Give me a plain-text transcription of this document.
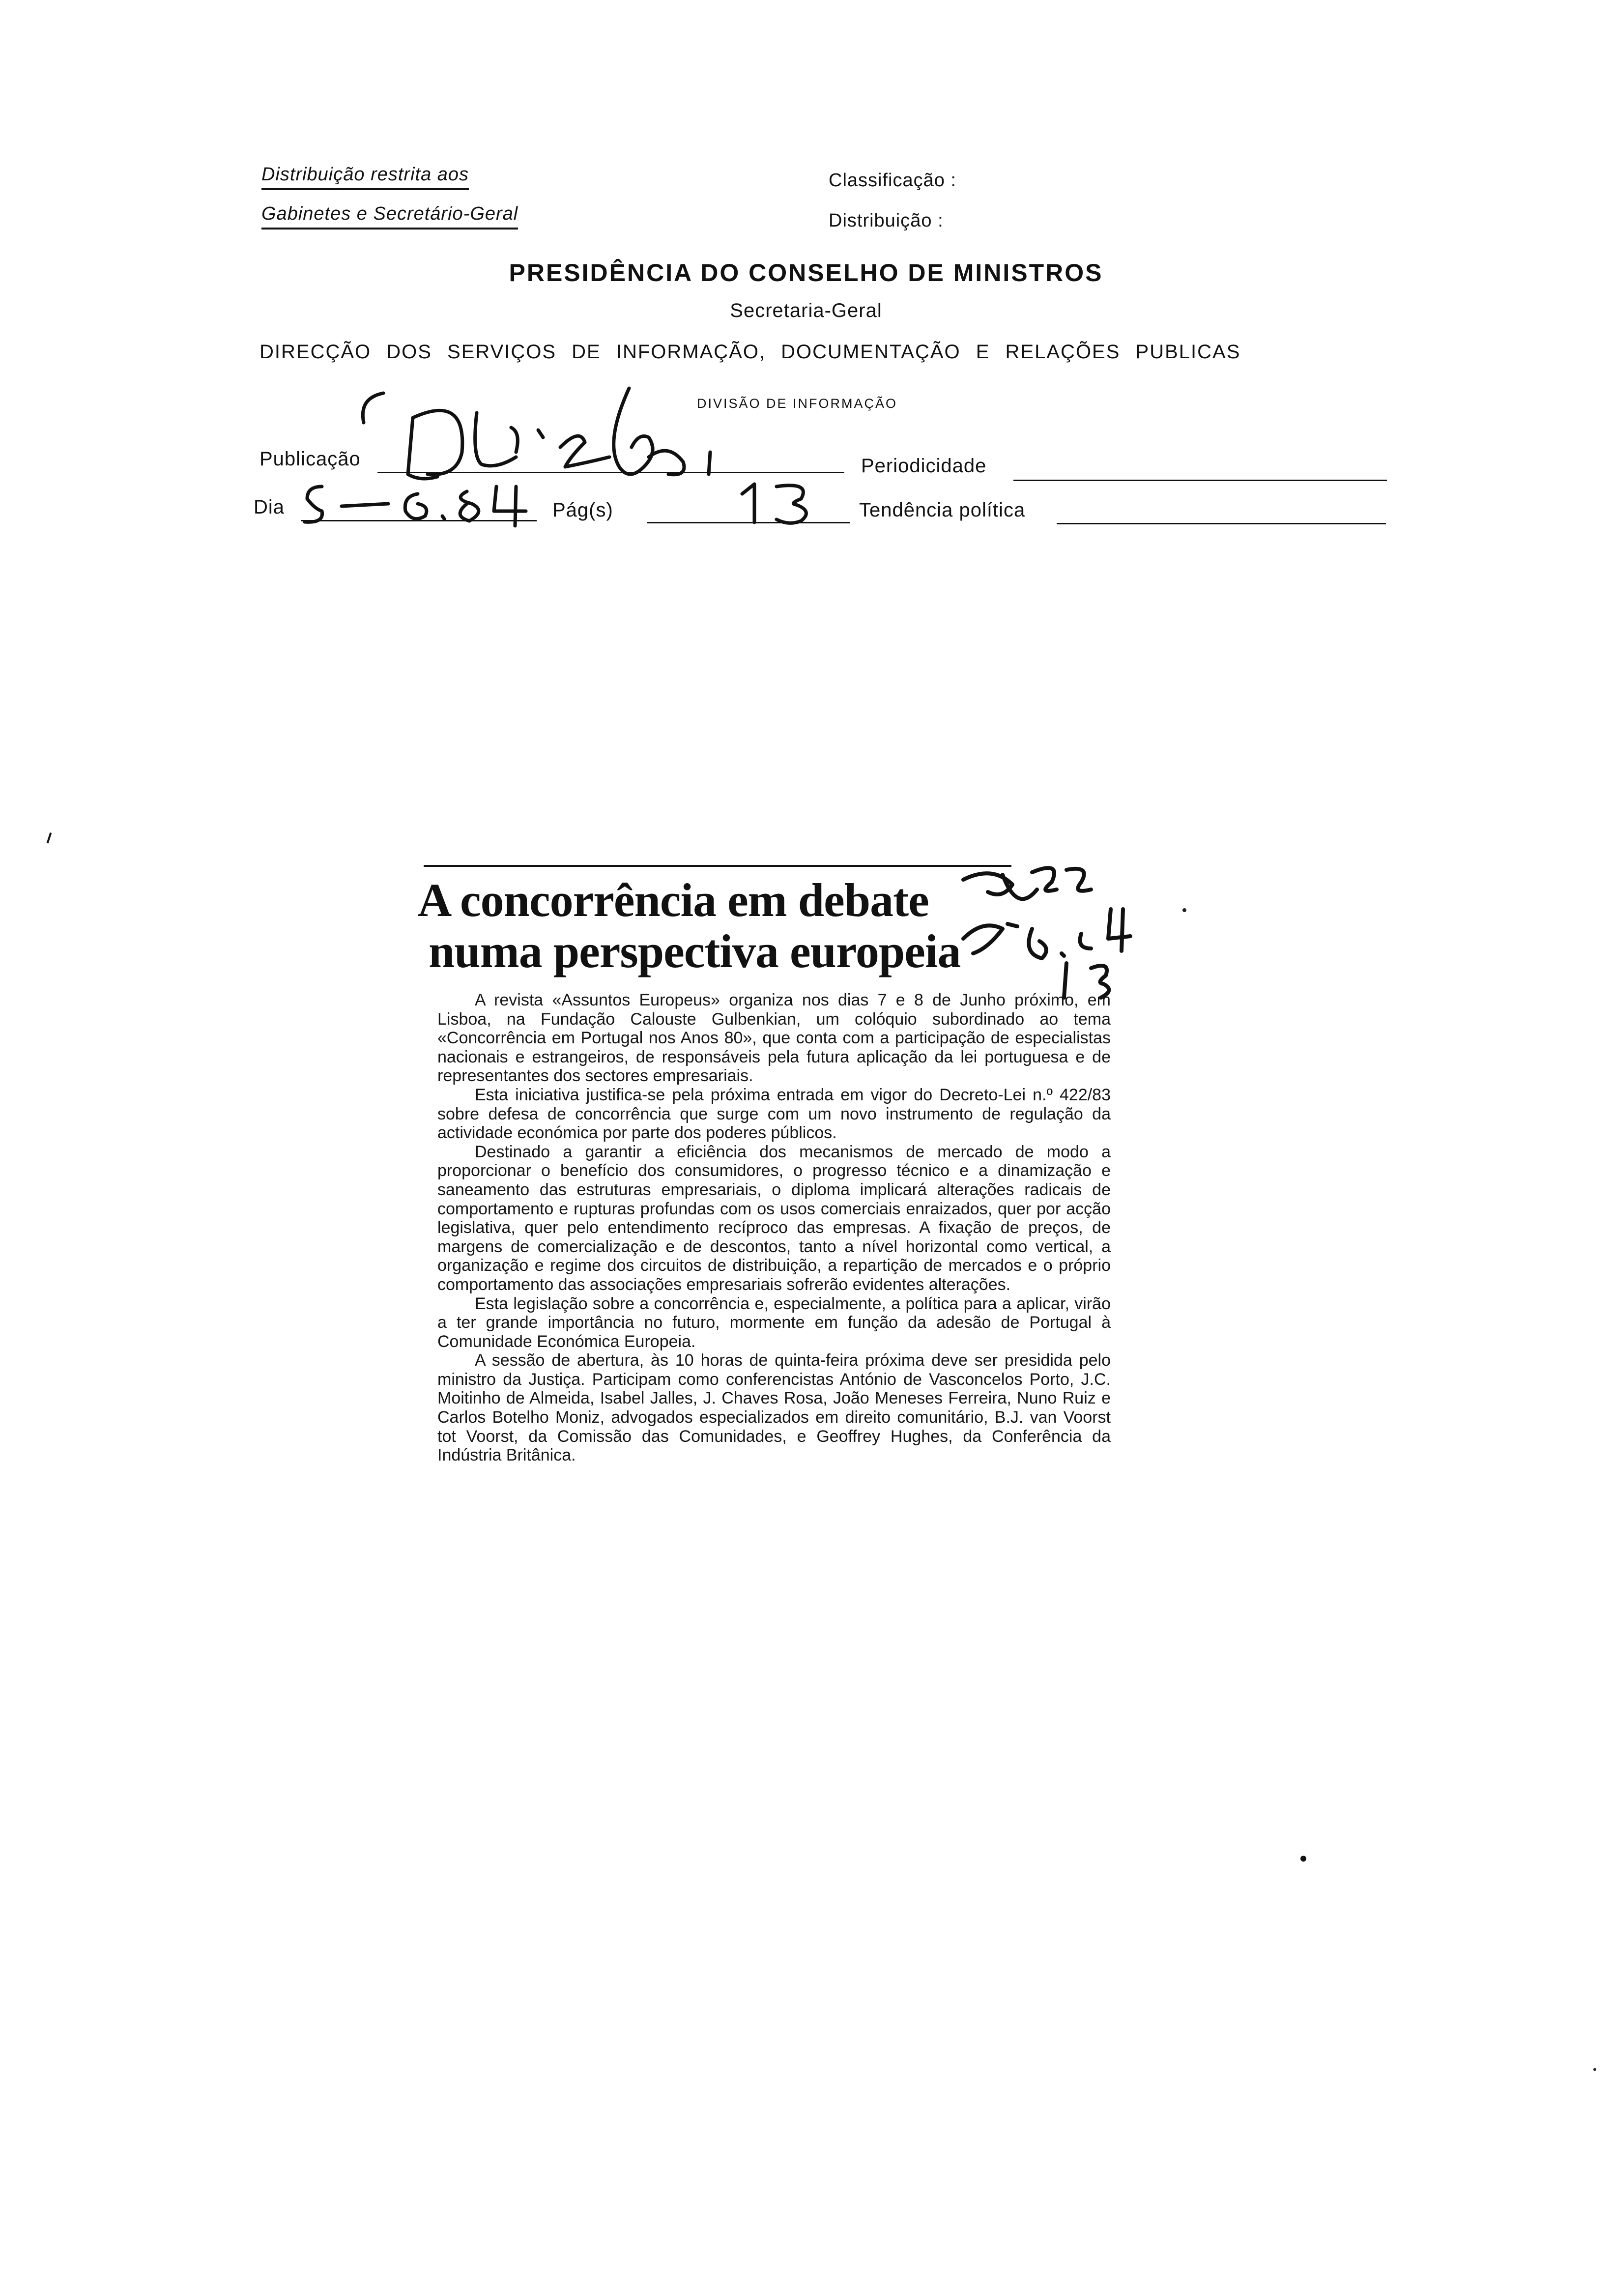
Distribuição restrita aos
Gabinetes e Secretário-Geral
Classificação :
Distribuição :
PRESIDÊNCIA DO CONSELHO DE MINISTROS
Secretaria-Geral
DIRECÇÃO DOS SERVIÇOS DE INFORMAÇÃO, DOCUMENTAÇÃO E RELAÇÕES PUBLICAS
DIVISÃO DE INFORMAÇÃO
Publicação	Periodicidade
Dia	Pág(s)	Tendência política
A concorrência em debate
numa perspectiva europeia

A revista «Assuntos Europeus» organiza nos dias 7 e 8 de Junho próximo, em Lisboa, na Fundação Calouste Gulbenkian, um colóquio subordinado ao tema «Concorrência em Portugal nos Anos 80», que conta com a participação de especialistas nacionais e estrangeiros, de responsáveis pela futura aplicação da lei portuguesa e de representantes dos sectores empresariais.

Esta iniciativa justifica-se pela próxima entrada em vigor do Decreto-Lei n.º 422/83 sobre defesa de concorrência que surge com um novo instrumento de regulação da actividade económica por parte dos poderes públicos.

Destinado a garantir a eficiência dos mecanismos de mercado de modo a proporcionar o benefício dos consumidores, o progresso técnico e a dinamização e saneamento das estruturas empresariais, o diploma implicará alterações radicais de comportamento e rupturas profundas com os usos comerciais enraizados, quer por acção legislativa, quer pelo entendimento recíproco das empresas. A fixação de preços, de margens de comercialização e de descontos, tanto a nível horizontal como vertical, a organização e regime dos circuitos de distribuição, a repartição de mercados e o próprio comportamento das associações empresariais sofrerão evidentes alterações.

Esta legislação sobre a concorrência e, especialmente, a política para a aplicar, virão a ter grande importância no futuro, mormente em função da adesão de Portugal à Comunidade Económica Europeia.

A sessão de abertura, às 10 horas de quinta-feira próxima deve ser presidida pelo ministro da Justiça. Participam como conferencistas António de Vasconcelos Porto, J.C. Moitinho de Almeida, Isabel Jalles, J. Chaves Rosa, João Meneses Ferreira, Nuno Ruiz e Carlos Botelho Moniz, advogados especializados em direito comunitário, B.J. van Voorst tot Voorst, da Comissão das Comunidades, e Geoffrey Hughes, da Conferência da Indústria Britânica.
